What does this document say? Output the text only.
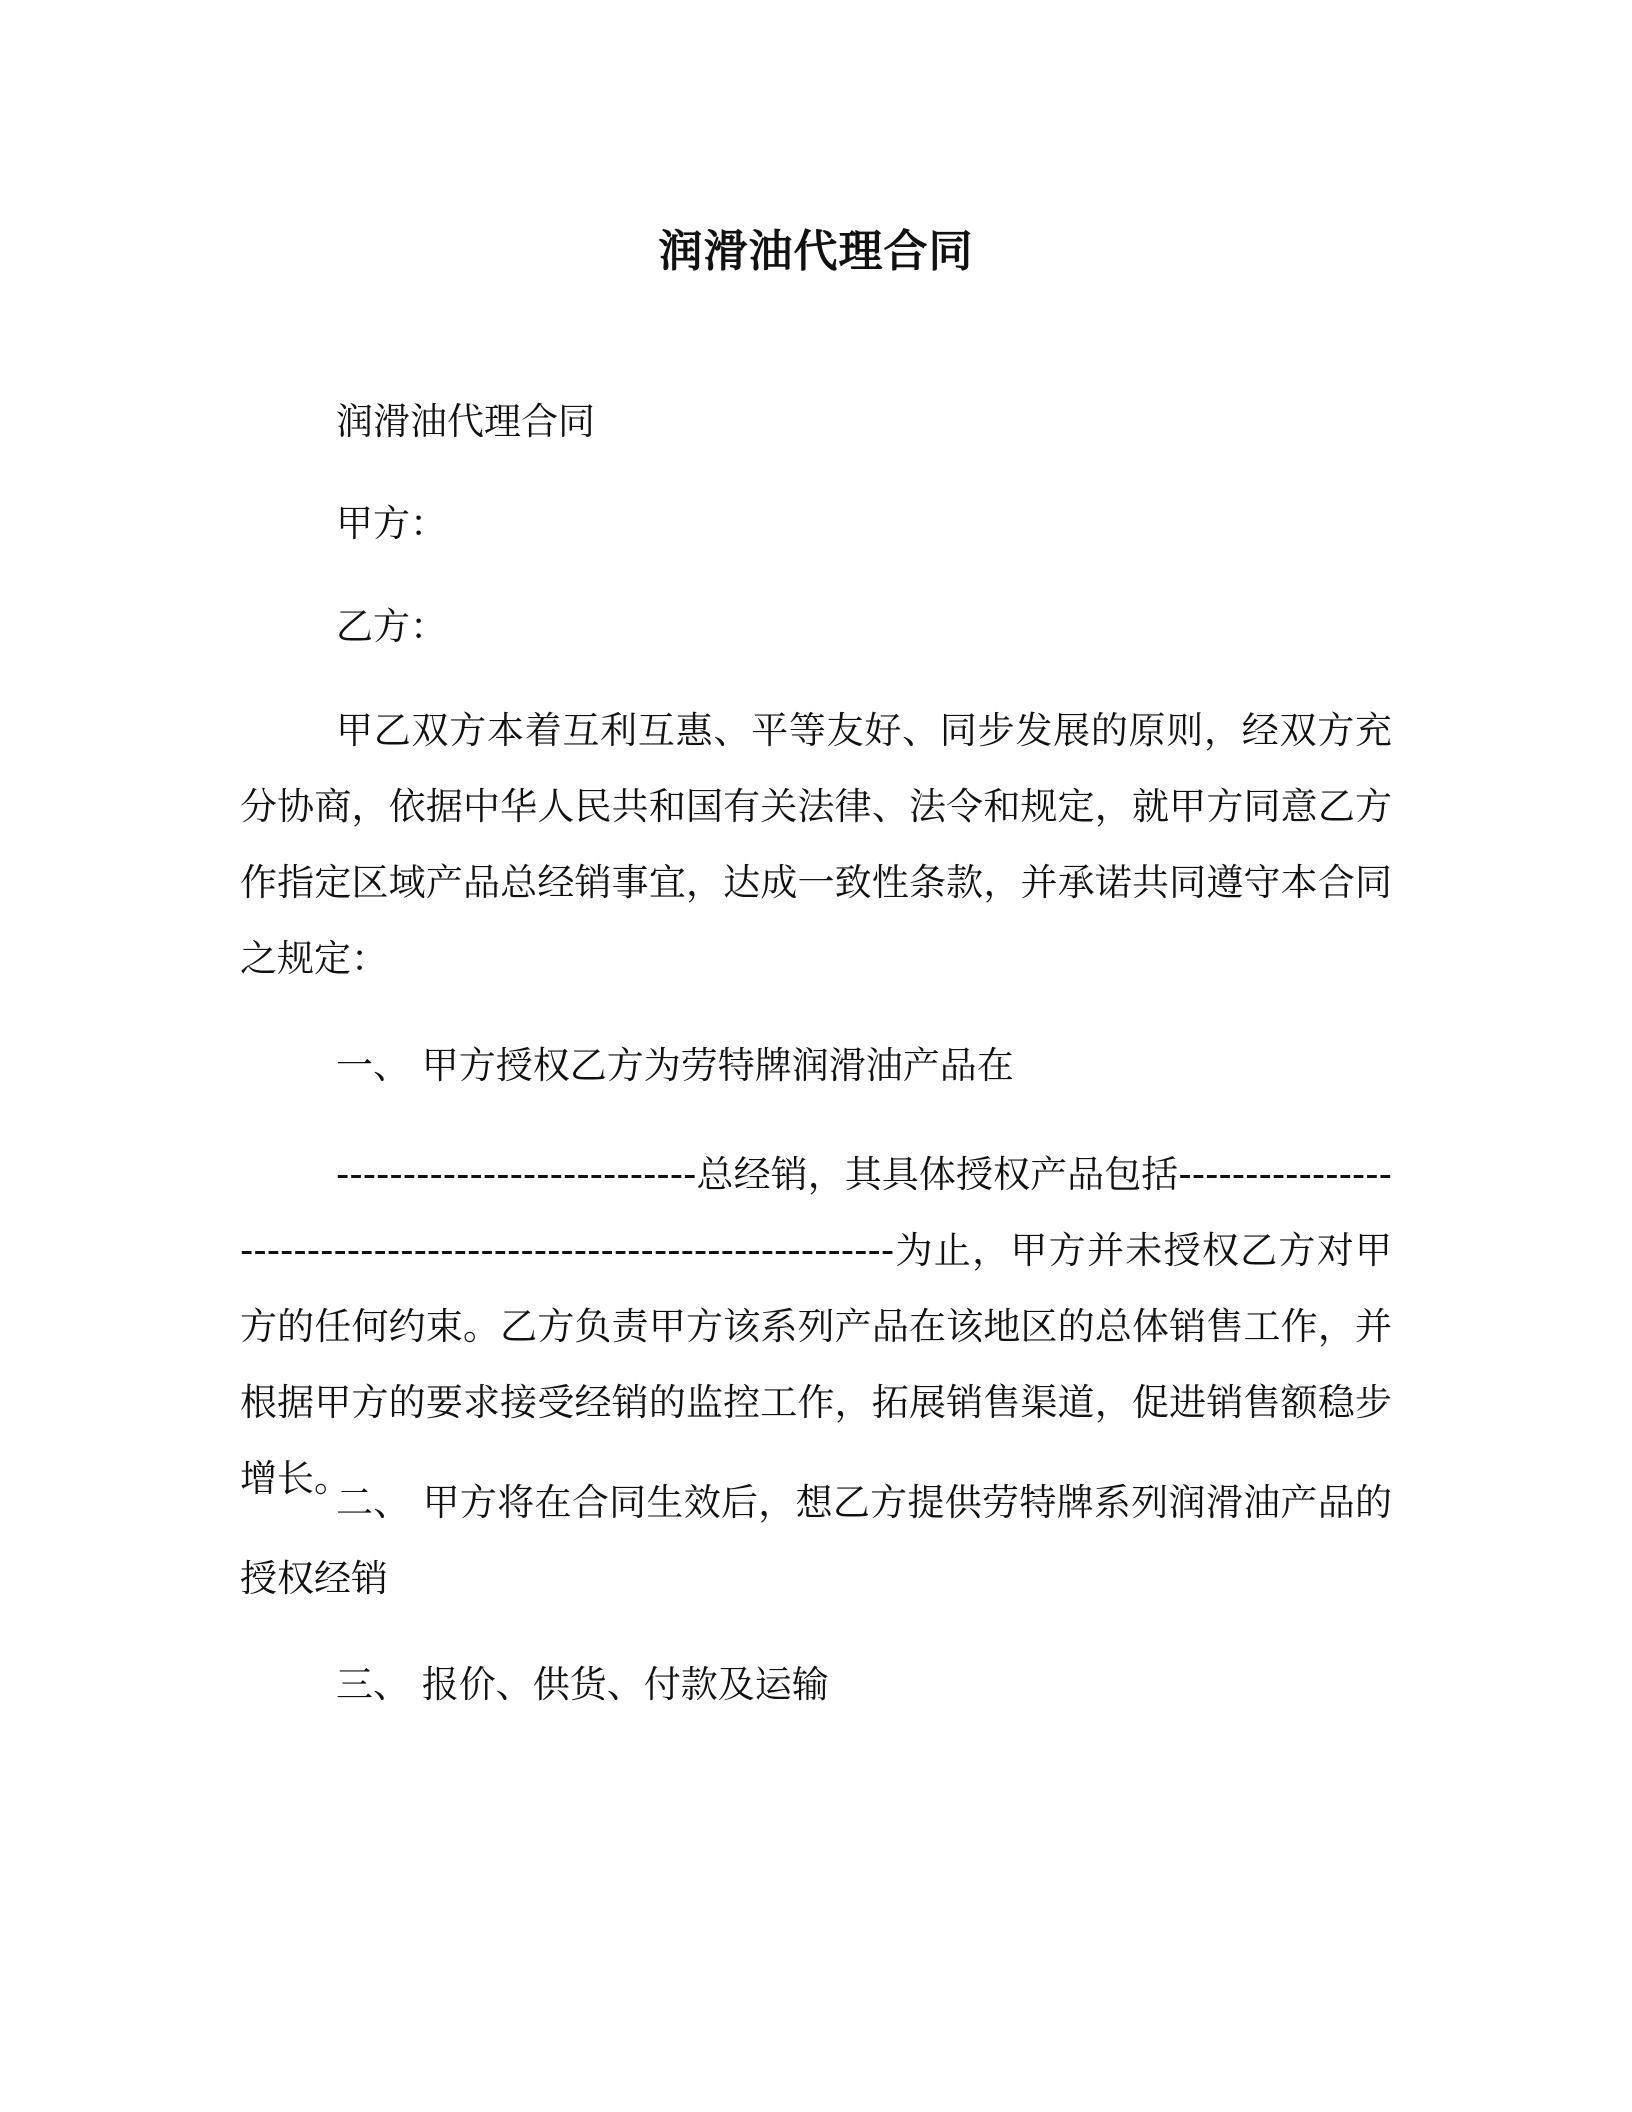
润滑油代理合同
润滑油代理合同
甲方：
乙方：
甲乙双方本着互利互惠、平等友好、同步发展的原则，经双方充分协商，依据中华人民共和国有关法律、法令和规定，就甲方同意乙方作指定区域产品总经销事宜，达成一致性条款，并承诺共同遵守本合同之规定：
一、 甲方授权乙方为劳特牌润滑油产品在
---------------------------总经销，其具体授权产品包括-----------------------------------------------------------------为止，甲方并未授权乙方对甲方的任何约束。乙方负责甲方该系列产品在该地区的总体销售工作，并根据甲方的要求接受经销的监控工作，拓展销售渠道，促进销售额稳步增长。
二、 甲方将在合同生效后，想乙方提供劳特牌系列润滑油产品的授权经销
三、 报价、供货、付款及运输
